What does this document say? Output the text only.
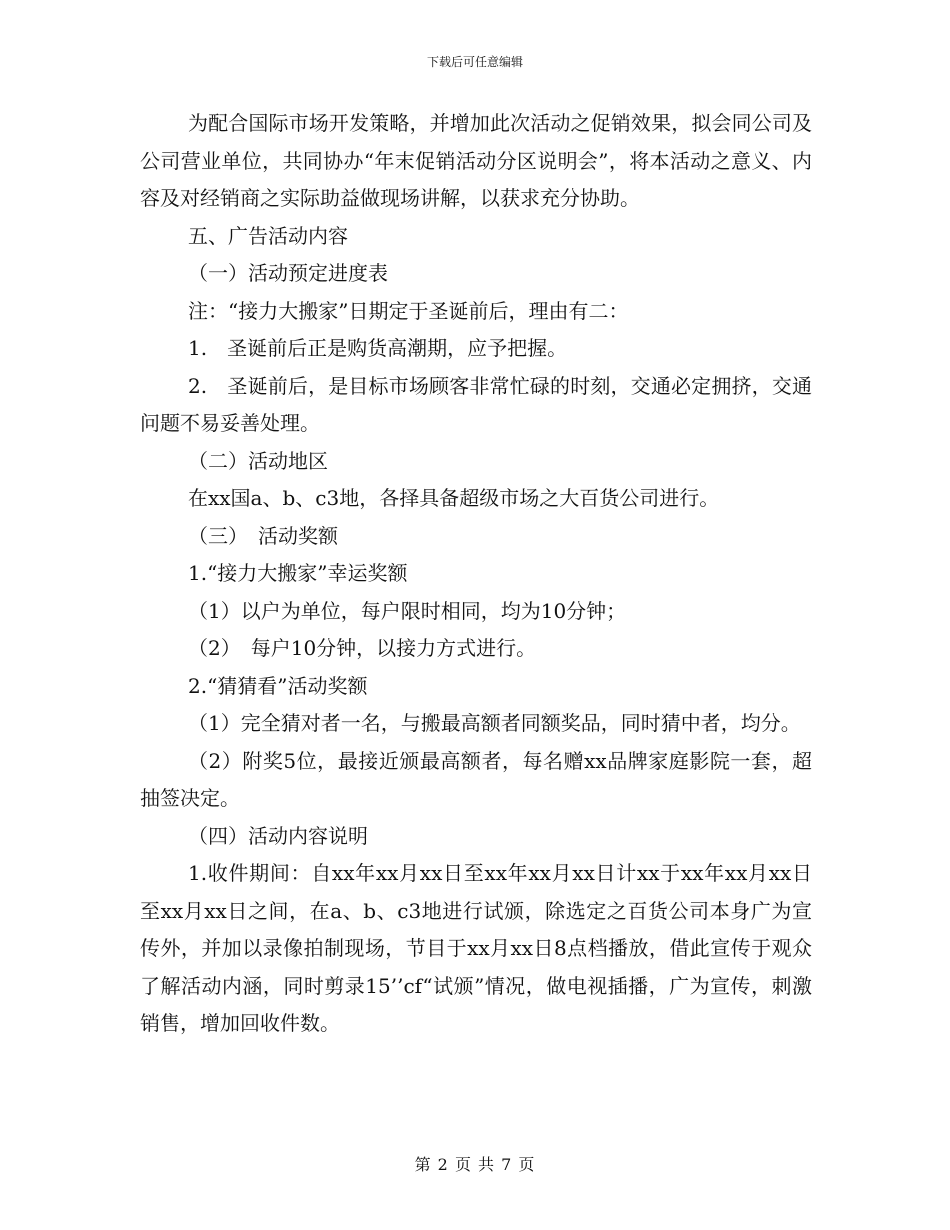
下载后可任意编辑

为配合国际市场开发策略，并增加此次活动之促销效果，拟会同公司及公司营业单位，共同协办“年末促销活动分区说明会”，将本活动之意义、内容及对经销商之实际助益做现场讲解，以获求充分协助。

五、广告活动内容

（一）活动预定进度表

注：“接力大搬家”日期定于圣诞前后，理由有二：

1.　圣诞前后正是购货高潮期，应予把握。

2.　圣诞前后，是目标市场顾客非常忙碌的时刻，交通必定拥挤，交通问题不易妥善处理。

（二）活动地区

在xx国a、b、c3地，各择具备超级市场之大百货公司进行。

（三）　活动奖额

1.“接力大搬家”幸运奖额

（1）以户为单位，每户限时相同，均为10分钟；

（2）　每户10分钟，以接力方式进行。

2.“猜猜看”活动奖额

（1）完全猜对者一名，与搬最高额者同额奖品，同时猜中者，均分。

（2）附奖5位，最接近颁最高额者，每名赠xx品牌家庭影院一套，超抽签决定。

（四）活动内容说明

1.收件期间：自xx年xx月xx日至xx年xx月xx日计xx于xx年xx月xx日至xx月xx日之间，在a、b、c3地进行试颁，除选定之百货公司本身广为宣传外，并加以录像拍制现场，节目于xx月xx日8点档播放，借此宣传于观众了解活动内涵，同时剪录15’’cf“试颁”情况，做电视插播，广为宣传，刺激销售，增加回收件数。

第 2 页 共 7 页
